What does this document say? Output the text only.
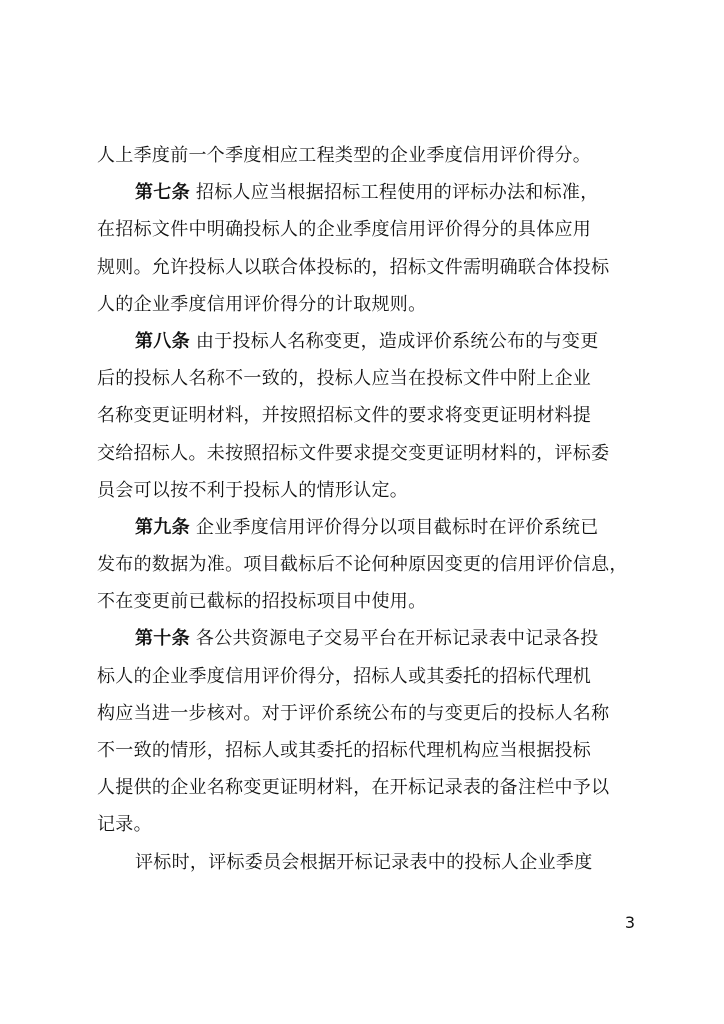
人上季度前一个季度相应工程类型的企业季度信用评价得分。
第七条 招标人应当根据招标工程使用的评标办法和标准，
在招标文件中明确投标人的企业季度信用评价得分的具体应用
规则。允许投标人以联合体投标的，招标文件需明确联合体投标
人的企业季度信用评价得分的计取规则。
第八条 由于投标人名称变更，造成评价系统公布的与变更
后的投标人名称不一致的，投标人应当在投标文件中附上企业
名称变更证明材料，并按照招标文件的要求将变更证明材料提
交给招标人。未按照招标文件要求提交变更证明材料的，评标委
员会可以按不利于投标人的情形认定。
第九条 企业季度信用评价得分以项目截标时在评价系统已
发布的数据为准。项目截标后不论何种原因变更的信用评价信息，
不在变更前已截标的招投标项目中使用。
第十条 各公共资源电子交易平台在开标记录表中记录各投
标人的企业季度信用评价得分，招标人或其委托的招标代理机
构应当进一步核对。对于评价系统公布的与变更后的投标人名称
不一致的情形，招标人或其委托的招标代理机构应当根据投标
人提供的企业名称变更证明材料，在开标记录表的备注栏中予以
记录。
评标时，评标委员会根据开标记录表中的投标人企业季度
3
